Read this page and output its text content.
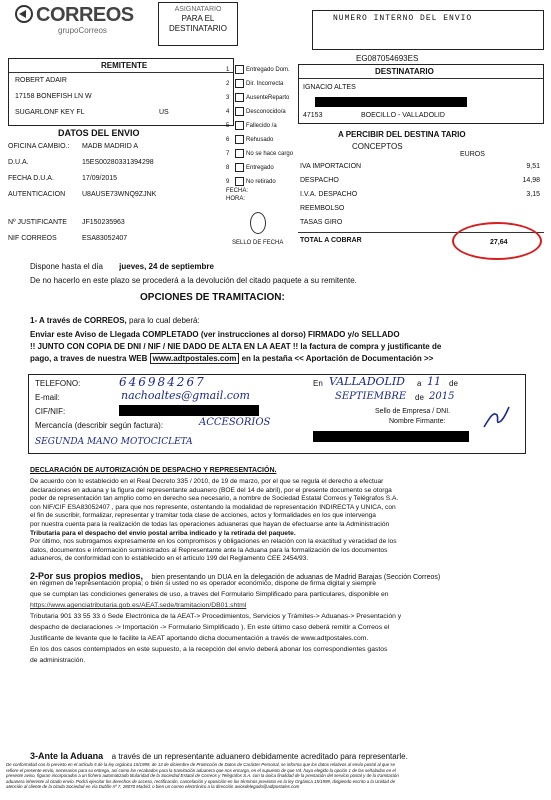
CORREOS
grupoCorreos
ASIGNATARIO
PARA EL
DESTINATARIO
NUMERO INTERNO DEL ENVIO
EG087054693ES
REMITENTE
ROBERT ADAIR
17158 BONEFISH LN W
SUGARLONF KEY FL	US
1	Entregado Dom.
2	Dir. Incorrecta
3	AusenteReparto
4	Desconocido/a
5	Fallecido /a
6	Rehusado
7	No se hace cargo
8	Entregado
9	No retirado
DESTINATARIO
IGNACIO ALTES
47153	BOECILLO - VALLADOLID
DATOS DEL ENVIO
OFICINA CAMBIO.: MADB MADRID A
D.U.A.	15ES00280331394298
FECHA D.U.A.	17/09/2015
AUTENTICACION U8AUSE73WNQ9ZJNK
Nº JUSTIFICANTE JF150235963
NIF CORREOS	ESA83052407
FECHA:
HORA:
SELLO DE FECHA
A PERCIBIR DEL DESTINA TARIO
CONCEPTOS
EUROS
IVA IMPORTACION	9,51
DESPACHO	14,98
I.V.A. DESPACHO	3,15
REEMBOLSO
TASAS GIRO
TOTAL A COBRAR	27,64
Dispone hasta el día jueves, 24 de septiembre
De no hacerlo en este plazo se procederá a la devolución del citado paquete a su remitente.
OPCIONES DE TRAMITACION:
1- A través de CORREOS, para lo cual deberá:
Enviar este Aviso de Llegada COMPLETADO (ver instrucciones al dorso) FIRMADO y/o SELLADO
!! JUNTO CON COPIA DE DNI / NIF / NIE DADO DE ALTA EN LA AEAT !! la factura de compra y justificante de
pago, a traves de nuestra WEB www.adtpostales.com en la pestaña << Aportación de Documentación >>
TELEFONO:	646984267
E-mail:	nachoaltes@gmail.com
CIF/NIF:
Mercancía (describir según factura):	ACCESORIOS
SEGUNDA MANO MOTOCICLETA
En VALLADOLID a 11 de
SEPTIEMBRE de 2015
Sello de Empresa / DNI.
Nombre Firmante:
DECLARACIÓN DE AUTORIZACIÓN DE DESPACHO Y REPRESENTACIÓN.
De acuerdo con lo establecido en el Real Decreto 335 / 2010, de 19 de marzo, por el que se regula el derecho a efectuar
declaraciones en aduana y la figura del representante aduanero (BOE del 14 de abril), por el presente documento se otorga
poder de representación tan amplio como en derecho sea necesario, a nombre de Sociedad Estatal Correos y Telégrafos S.A.
con NIF/CIF ESA83052407 , para que nos represente, ostentando la modalidad de representación INDIRECTA y UNICA, con
el fin de suscribir, formalizar, representar y tramitar toda clase de acciones, actos y formalidades en los que intervenga
por nuestra cuenta para la realización de todas las operaciones aduaneras que hayan de efectuarse ante la Administración
Tributaria para el despacho del envío postal arriba indicado y la retirada del paquete.
Por último, nos subrogamos expresamente en los compromisos y obligaciones en relación con la exactitud y veracidad de los
datos, documentos e información suministrados al Representante ante la Aduana para la formalización de los documentos
aduaneros, de conformidad con lo establecido en el artículo 199 del Reglamento CEE 2454/93.
2-Por sus propios medios, bien presentando un DUA en la delegación de aduanas de Madrid Barajas (Sección Correos)
en régimen de representación propia; o bién si usted no es operador económico, dispone de firma digital y siempre
que se cumplan las condiciones generales de uso, a traves del Formulario Simplificado para particulares, disponible en
https://www.agenciatributaria.gob.es/AEAT.sede/tramitacion/DB01.shtml
Tributaria 901 33 55 33 ó Sede Electrónica de la AEAT-> Procedimientos, Servicios y Trámites-> Aduanas-> Presentación y
despacho de declaraciones -> Importación -> Formulario Simplificado ). En este último caso deberá remitir a Correos el
Justificante de levante que le facilite la AEAT aportando dicha documentación a través de www.adtpostales.com.
En los dos casos contemplados en este supuesto, a la recepción del envío deberá abonar los correspondientes gastos
de administración.
3-Ante la Aduana a través de un representante aduanero debidamente acreditado para representarle.
De conformidad con lo previsto en el artículo 5 de la ley orgánica 15/1999, de 13 de diciembre de Protección de Datos de Carácter Personal, se informa que los datos relativos al envío postal al que se
refiere el presente envío, necesarios para su entrega, así como los recabados para la tramitación aduanera que nos encarga, en el supuesto de que Vd. haya elegido la opción 1 de las señaladas en el
presente aviso, figuran incorporados a un fichero automatizado titularidad de la Sociedad Estatal de Correos y Telégrafos S.A. con la única finalidad de la prestación del servicio postal y de la tramitación
aduanera inherente al citado envío. Podrá ejercitar los derechos de acceso, rectificación, cancelación y oposición en los términos previstos en la ley Orgánica 15/1999, dirigiendo escrito a la Unidad de
atención al cliente de la citada Sociedad en vía Dublín nº 7, 28070 Madrid, o bien un correo electrónico a la dirección aviosdelegado@adtpostales.com
